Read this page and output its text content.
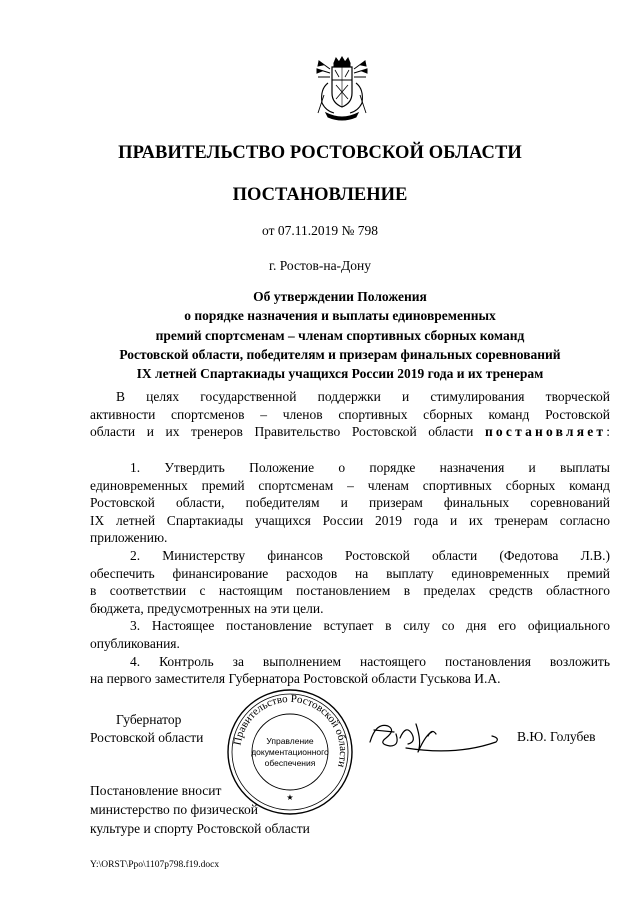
ПРАВИТЕЛЬСТВО РОСТОВСКОЙ ОБЛАСТИ
ПОСТАНОВЛЕНИЕ
от 07.11.2019 № 798
г. Ростов-на-Дону
Об утверждении Положения
о порядке назначения и выплаты единовременных
премий спортсменам – членам спортивных сборных команд
Ростовской области, победителям и призерам финальных соревнований
IX летней Спартакиады учащихся России 2019 года и их тренерам
В целях государственной поддержки и стимулирования творческой
активности спортсменов – членов спортивных сборных команд Ростовской
области и их тренеров Правительство Ростовской области постановляет:
1. Утвердить Положение о порядке назначения и выплаты
единовременных премий спортсменам – членам спортивных сборных команд
Ростовской области, победителям и призерам финальных соревнований
IX летней Спартакиады учащихся России 2019 года и их тренерам согласно
приложению.
2. Министерству финансов Ростовской области (Федотова Л.В.)
обеспечить финансирование расходов на выплату единовременных премий
в соответствии с настоящим постановлением в пределах средств областного
бюджета, предусмотренных на эти цели.
3. Настоящее постановление вступает в силу со дня его официального
опубликования.
4. Контроль за выполнением настоящего постановления возложить
на первого заместителя Губернатора Ростовской области Гуськова И.А.
Губернатор
Ростовской области	Правительство Ростовской области
Управление
документационного
обеспечения
★
В.Ю. Голубев
Постановление вносит
министерство по физической
культуре и спорту Ростовской области
Y:\ORST\Ppo\1107p798.f19.docx
